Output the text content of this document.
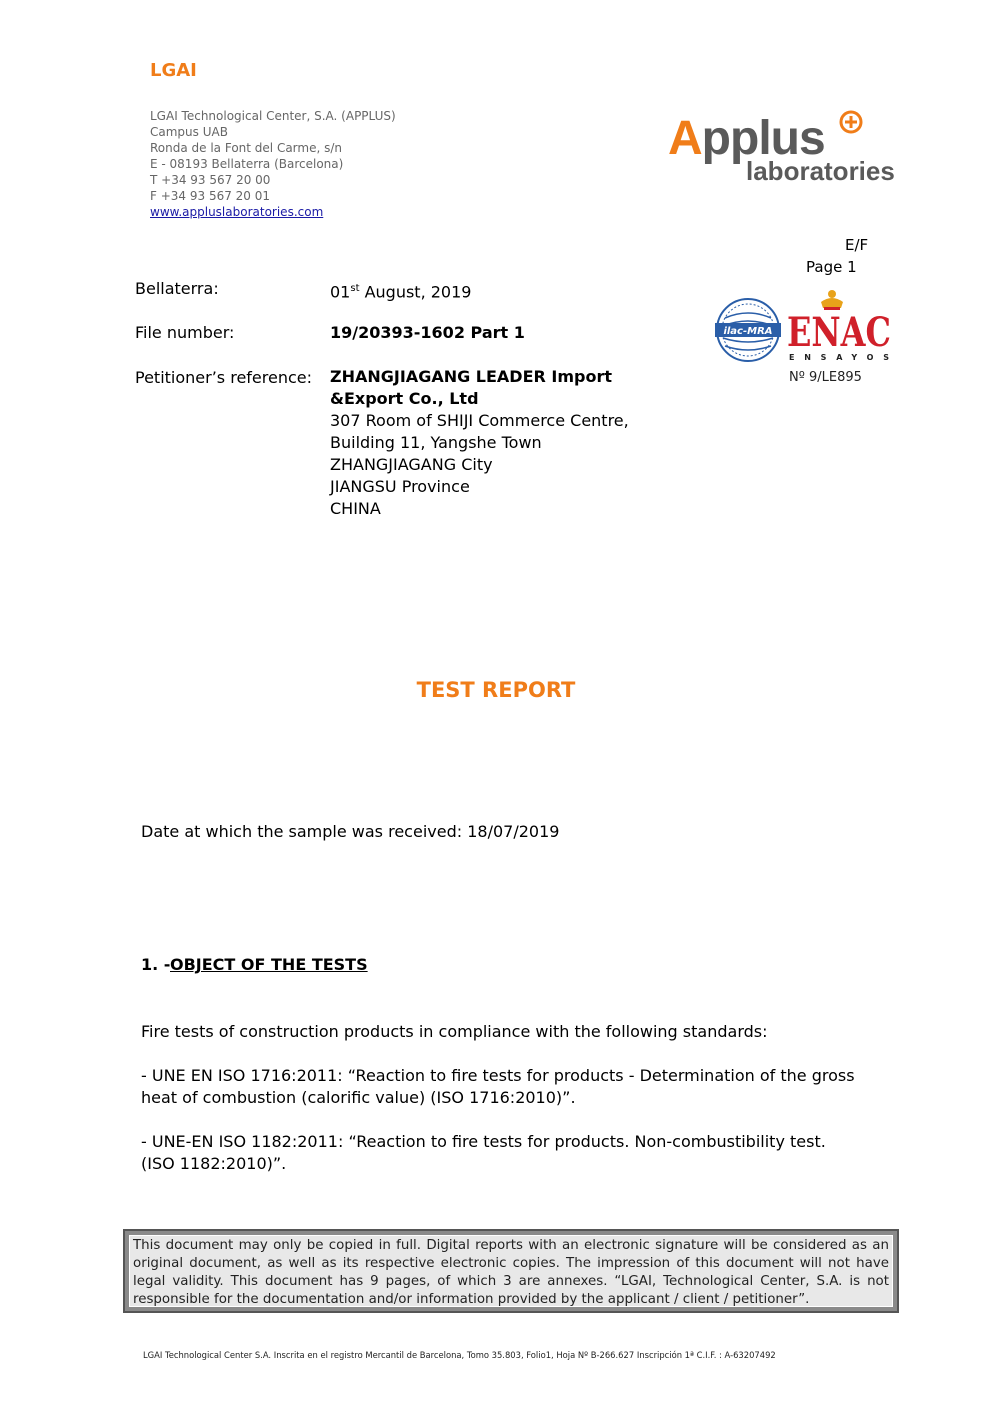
LGAI
LGAI Technological Center, S.A. (APPLUS)
Campus UAB
Ronda de la Font del Carme, s/n
E - 08193 Bellaterra (Barcelona)
T +34 93 567 20 00
F +34 93 567 20 01
www.appluslaboratories.com
Applus
laboratories
E/F
Page 1
Bellaterra:	01st August, 2019
File number:	19/20393-1602 Part 1
Petitioner’s reference: ZHANGJIAGANG LEADER Import
&Export Co., Ltd
307 Room of SHIJI Commerce Centre,
Building 11, Yangshe Town
ZHANGJIAGANG City
JIANGSU Province
CHINA
ilac-MRA ENAC
ENSAYOS
Nº 9/LE895
TEST REPORT
Date at which the sample was received: 18/07/2019
1. - OBJECT OF THE TESTS
Fire tests of construction products in compliance with the following standards:
- UNE EN ISO 1716:2011: “Reaction to fire tests for products - Determination of the gross heat of combustion (calorific value) (ISO 1716:2010)”.
- UNE-EN ISO 1182:2011: “Reaction to fire tests for products. Non-combustibility test. (ISO 1182:2010)”.
This document may only be copied in full. Digital reports with an electronic signature will be considered as an original document, as well as its respective electronic copies. The impression of this document will not have legal validity. This document has 9 pages, of which 3 are annexes. “LGAI, Technological Center, S.A. is not responsible for the documentation and/or information provided by the applicant / client / petitioner”.
LGAI Technological Center S.A. Inscrita en el registro Mercantil de Barcelona, Tomo 35.803, Folio1, Hoja Nº B-266.627 Inscripción 1ª C.I.F. : A-63207492
